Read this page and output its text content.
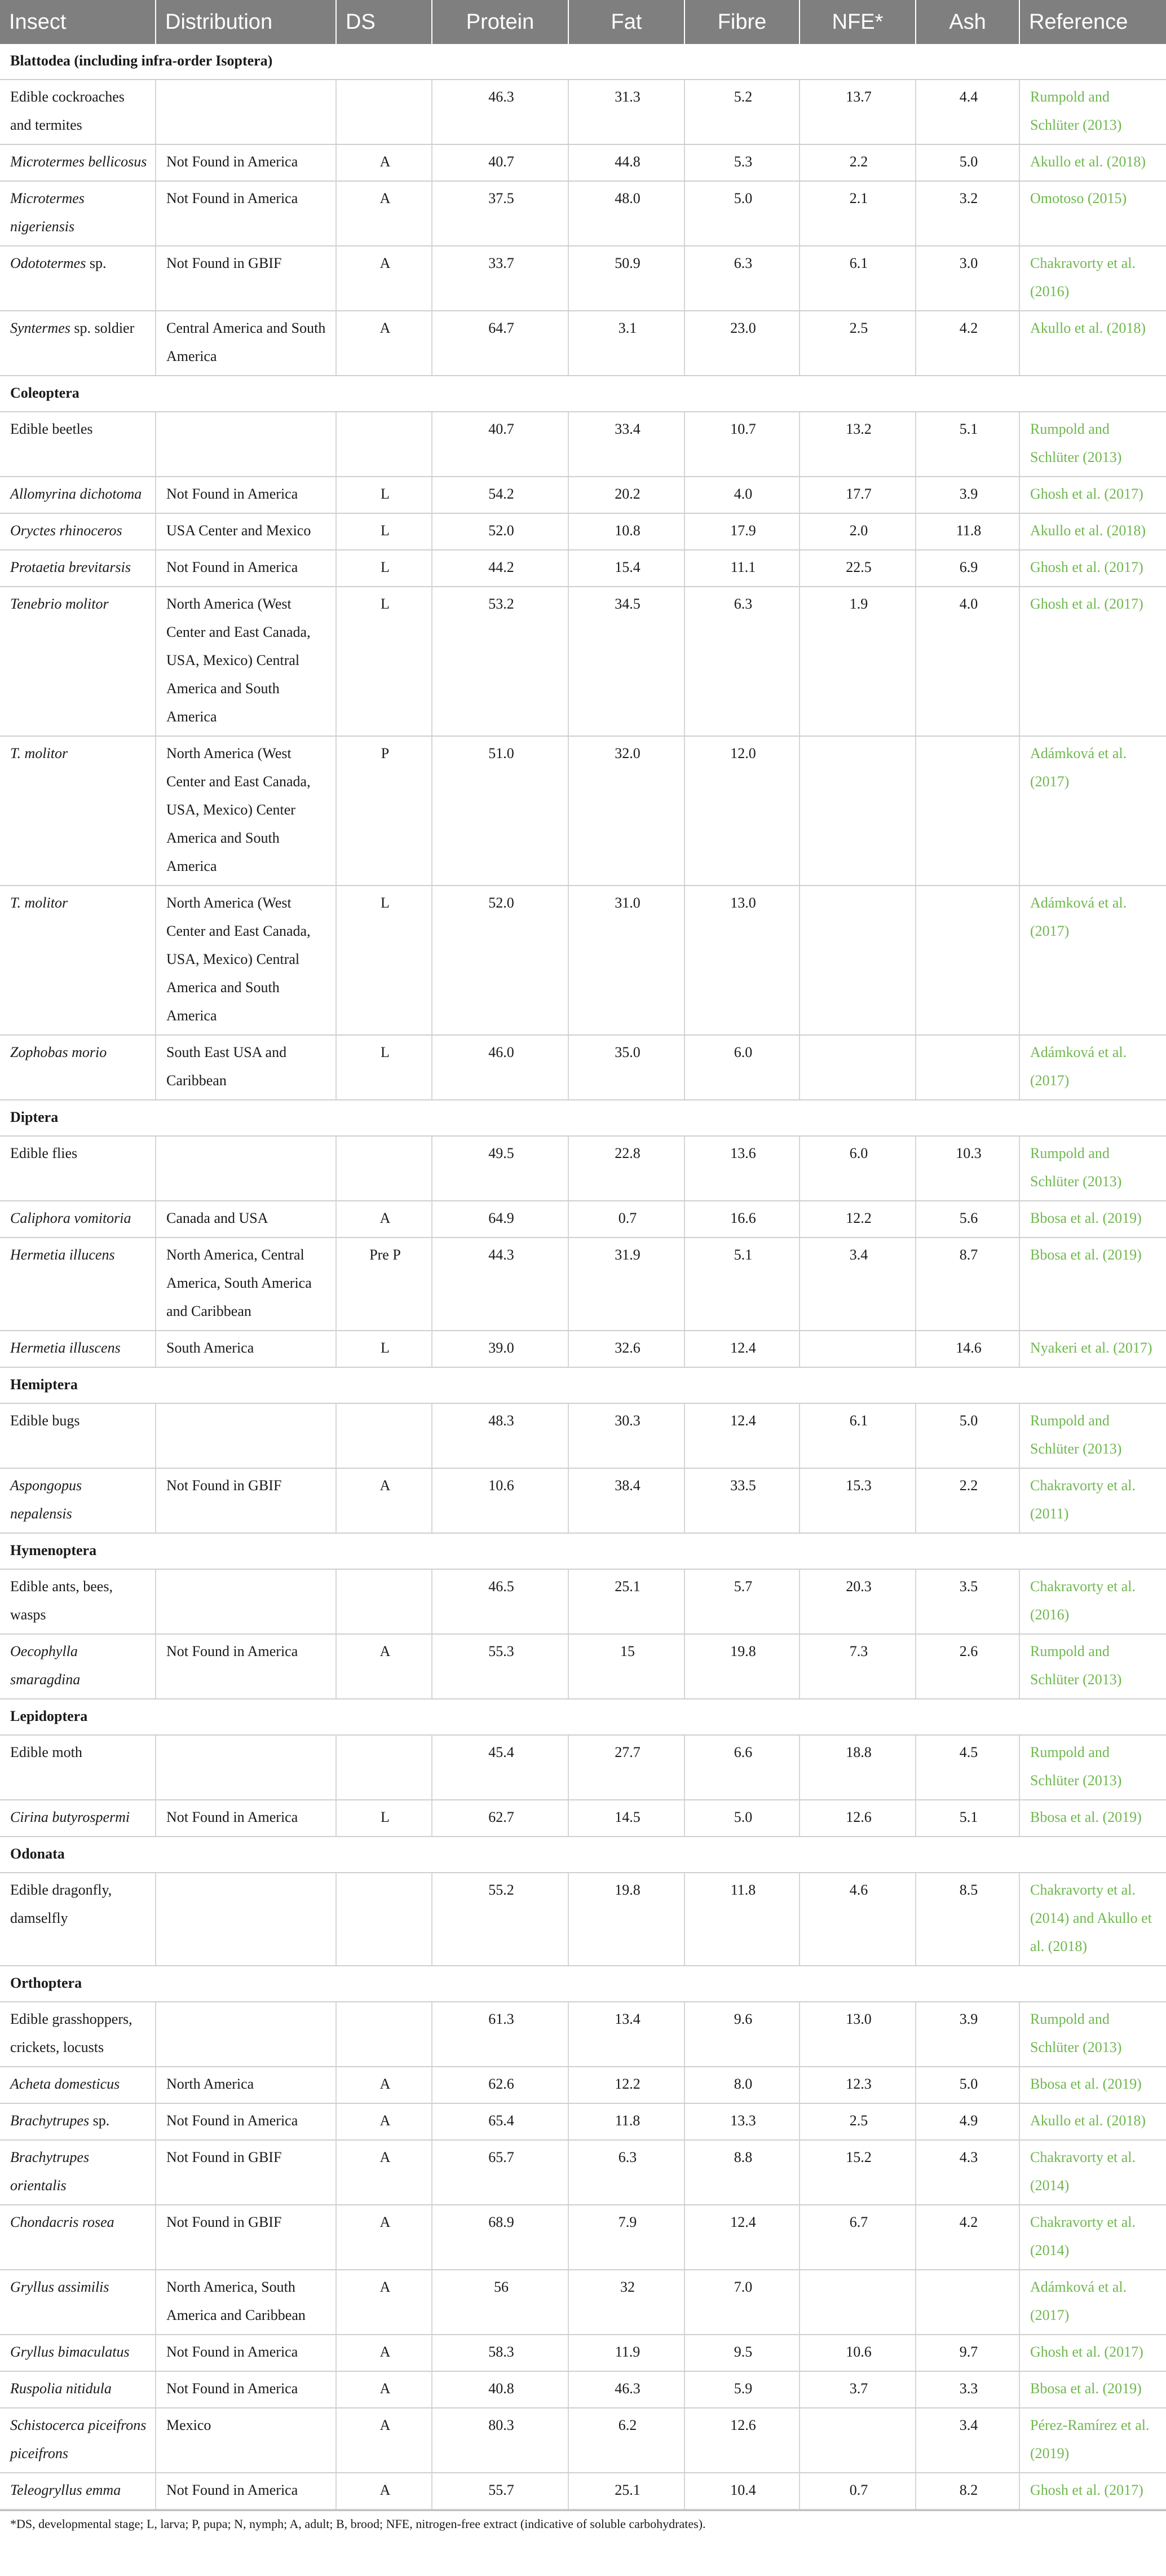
Insect	Distribution	DS	Protein	Fat	Fibre	NFE*	Ash	Reference
Blattodea (including infra-order Isoptera)								
Edible cockroaches and termites			46.3	31.3	5.2	13.7	4.4	Rumpold and Schlüter (2013)
Microtermes bellicosus	Not Found in America	A	40.7	44.8	5.3	2.2	5.0	Akullo et al. (2018)
Microtermes nigeriensis	Not Found in America	A	37.5	48.0	5.0	2.1	3.2	Omotoso (2015)
Odototermes sp.	Not Found in GBIF	A	33.7	50.9	6.3	6.1	3.0	Chakravorty et al. (2016)
Syntermes sp. soldier	Central America and South America	A	64.7	3.1	23.0	2.5	4.2	Akullo et al. (2018)
Coleoptera								
Edible beetles			40.7	33.4	10.7	13.2	5.1	Rumpold and Schlüter (2013)
Allomyrina dichotoma	Not Found in America	L	54.2	20.2	4.0	17.7	3.9	Ghosh et al. (2017)
Oryctes rhinoceros	USA Center and Mexico	L	52.0	10.8	17.9	2.0	11.8	Akullo et al. (2018)
Protaetia brevitarsis	Not Found in America	L	44.2	15.4	11.1	22.5	6.9	Ghosh et al. (2017)
Tenebrio molitor	North America (West Center and East Canada, USA, Mexico) Central America and South America	L	53.2	34.5	6.3	1.9	4.0	Ghosh et al. (2017)
T. molitor	North America (West Center and East Canada, USA, Mexico) Center America and South America	P	51.0	32.0	12.0			Adámková et al. (2017)
T. molitor	North America (West Center and East Canada, USA, Mexico) Central America and South America	L	52.0	31.0	13.0			Adámková et al. (2017)
Zophobas morio	South East USA and Caribbean	L	46.0	35.0	6.0			Adámková et al. (2017)
Diptera								
Edible flies			49.5	22.8	13.6	6.0	10.3	Rumpold and Schlüter (2013)
Caliphora vomitoria	Canada and USA	A	64.9	0.7	16.6	12.2	5.6	Bbosa et al. (2019)
Hermetia illucens	North America, Central America, South America and Caribbean	Pre P	44.3	31.9	5.1	3.4	8.7	Bbosa et al. (2019)
Hermetia illuscens	South America	L	39.0	32.6	12.4		14.6	Nyakeri et al. (2017)
Hemiptera								
Edible bugs			48.3	30.3	12.4	6.1	5.0	Rumpold and Schlüter (2013)
Aspongopus nepalensis	Not Found in GBIF	A	10.6	38.4	33.5	15.3	2.2	Chakravorty et al. (2011)
Hymenoptera								
Edible ants, bees, wasps			46.5	25.1	5.7	20.3	3.5	Chakravorty et al. (2016)
Oecophylla smaragdina	Not Found in America	A	55.3	15	19.8	7.3	2.6	Rumpold and Schlüter (2013)
Lepidoptera								
Edible moth			45.4	27.7	6.6	18.8	4.5	Rumpold and Schlüter (2013)
Cirina butyrospermi	Not Found in America	L	62.7	14.5	5.0	12.6	5.1	Bbosa et al. (2019)
Odonata								
Edible dragonfly, damselfly			55.2	19.8	11.8	4.6	8.5	Chakravorty et al. (2014) and Akullo et al. (2018)
Orthoptera								
Edible grasshoppers, crickets, locusts			61.3	13.4	9.6	13.0	3.9	Rumpold and Schlüter (2013)
Acheta domesticus	North America	A	62.6	12.2	8.0	12.3	5.0	Bbosa et al. (2019)
Brachytrupes sp.	Not Found in America	A	65.4	11.8	13.3	2.5	4.9	Akullo et al. (2018)
Brachytrupes orientalis	Not Found in GBIF	A	65.7	6.3	8.8	15.2	4.3	Chakravorty et al. (2014)
Chondacris rosea	Not Found in GBIF	A	68.9	7.9	12.4	6.7	4.2	Chakravorty et al. (2014)
Gryllus assimilis	North America, South America and Caribbean	A	56	32	7.0			Adámková et al. (2017)
Gryllus bimaculatus	Not Found in America	A	58.3	11.9	9.5	10.6	9.7	Ghosh et al. (2017)
Ruspolia nitidula	Not Found in America	A	40.8	46.3	5.9	3.7	3.3	Bbosa et al. (2019)
Schistocerca piceifrons piceifrons	Mexico	A	80.3	6.2	12.6		3.4	Pérez-Ramírez et al. (2019)
Teleogryllus emma	Not Found in America	A	55.7	25.1	10.4	0.7	8.2	Ghosh et al. (2017)
*DS, developmental stage; L, larva; P, pupa; N, nymph; A, adult; B, brood; NFE, nitrogen-free extract (indicative of soluble carbohydrates).
